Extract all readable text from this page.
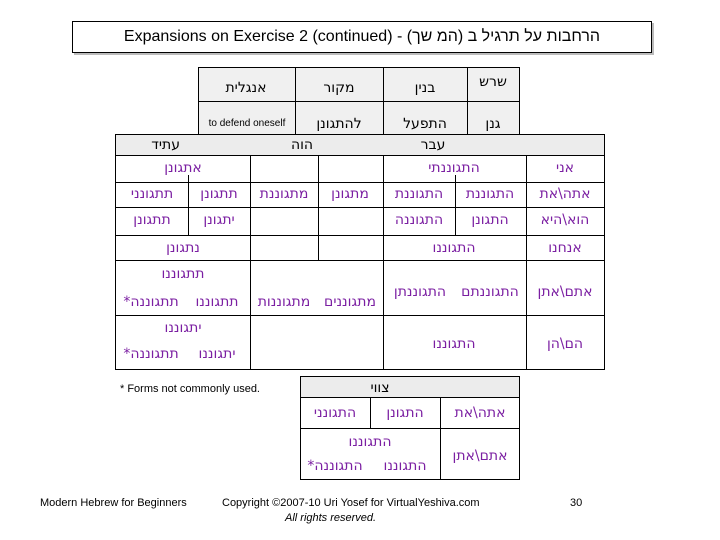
Expansions on Exercise 2 (continued) - הרחבות על תרגיל ב (המ שך)
שרש
בנין
מקור
אנגלית
גנן
התפעל
להתגונן
to defend oneself
עבר
הוה
עתיד
אני
התגוננתי
מתגונן
מתגוננת
אתגונן
אתה\את
התגוננת
התגוננת
תתגונן
תתגונני
הוא\היא
התגונן
התגוננה
יתגונן
תתגונן
אנחנו
התגוננו
נתגונן
אתם\אתן
התגוננתם
התגוננתן
מתגוננים
מתגוננות
תתגוננו
תתגוננו
תתגוננה*
הם\הן
התגוננו
יתגוננו
יתגוננו
תתגוננה*
* Forms not commonly used.	צווי
אתה\את
התגונן
התגונני
אתם\אתן
התגוננו
התגוננו
התגוננה*
Modern Hebrew for Beginners	Copyright ©2007-10 Uri Yosef for VirtualYeshiva.com
All rights reserved.
30
